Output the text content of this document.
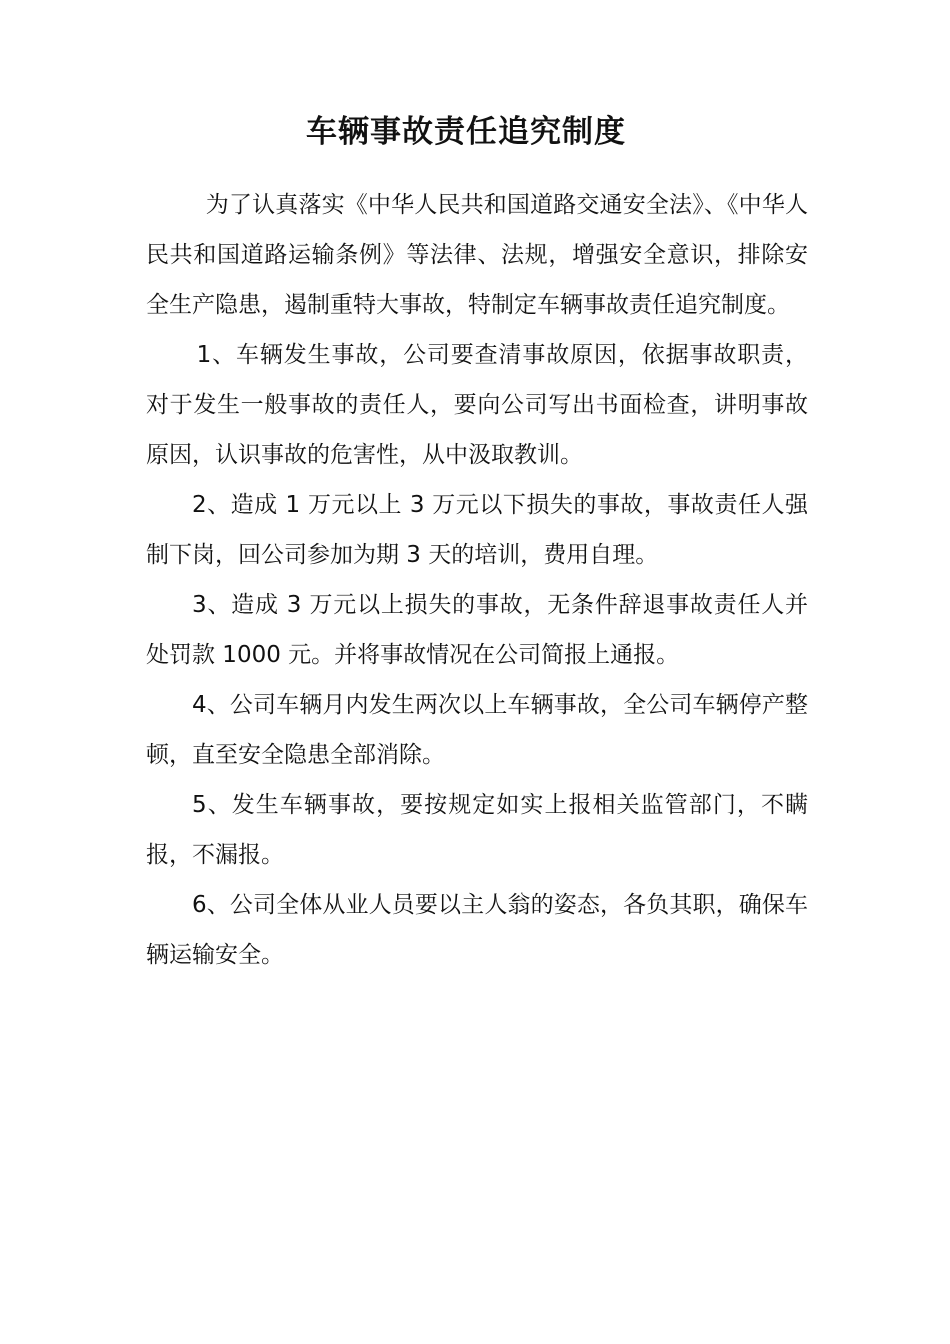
车辆事故责任追究制度

为了认真落实《中华人民共和国道路交通安全法》、《中华人民共和国道路运输条例》等法律、法规，增强安全意识，排除安全生产隐患，遏制重特大事故，特制定车辆事故责任追究制度。

1、车辆发生事故，公司要查清事故原因，依据事故职责，对于发生一般事故的责任人，要向公司写出书面检查，讲明事故原因，认识事故的危害性，从中汲取教训。

2、造成 1 万元以上 3 万元以下损失的事故，事故责任人强制下岗，回公司参加为期 3 天的培训，费用自理。

3、造成 3 万元以上损失的事故，无条件辞退事故责任人并处罚款 1000 元。并将事故情况在公司简报上通报。

4、公司车辆月内发生两次以上车辆事故，全公司车辆停产整顿，直至安全隐患全部消除。

5、发生车辆事故，要按规定如实上报相关监管部门，不瞒报，不漏报。

6、公司全体从业人员要以主人翁的姿态，各负其职，确保车辆运输安全。
